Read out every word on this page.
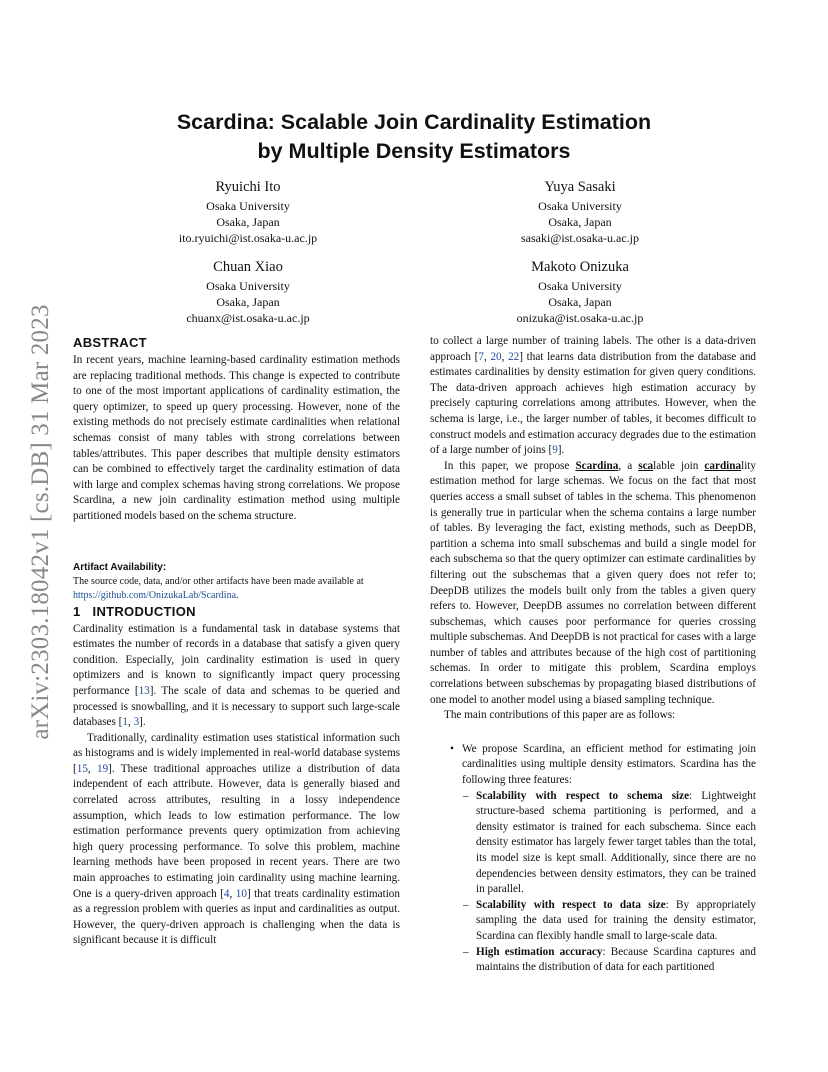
arXiv:2303.18042v1 [cs.DB] 31 Mar 2023
Scardina: Scalable Join Cardinality Estimation
by Multiple Density Estimators
Ryuichi Ito
Osaka University
Osaka, Japan
ito.ryuichi@ist.osaka-u.ac.jp
Yuya Sasaki
Osaka University
Osaka, Japan
sasaki@ist.osaka-u.ac.jp
Chuan Xiao
Osaka University
Osaka, Japan
chuanx@ist.osaka-u.ac.jp
Makoto Onizuka
Osaka University
Osaka, Japan
onizuka@ist.osaka-u.ac.jp
ABSTRACT

In recent years, machine learning-based cardinality estimation methods are replacing traditional methods. This change is expected to contribute to one of the most important applications of cardinality estimation, the query optimizer, to speed up query processing. However, none of the existing methods do not precisely estimate cardinalities when relational schemas consist of many tables with strong correlations between tables/attributes. This paper describes that multiple density estimators can be combined to effectively target the cardinality estimation of data with large and complex schemas having strong correlations. We propose Scardina, a new join cardinality estimation method using multiple partitioned models based on the schema structure.

Artifact Availability:
The source code, data, and/or other artifacts have been made available at
https://github.com/OnizukaLab/Scardina.
1 INTRODUCTION

Cardinality estimation is a fundamental task in database systems that estimates the number of records in a database that satisfy a given query condition. Especially, join cardinality estimation is used in query optimizers and is known to significantly impact query processing performance [13]. The scale of data and schemas to be queried and processed is snowballing, and it is necessary to support such large-scale databases [1, 3].

Traditionally, cardinality estimation uses statistical information such as histograms and is widely implemented in real-world database systems [15, 19]. These traditional approaches utilize a distribution of data independent of each attribute. However, data is generally biased and correlated across attributes, resulting in a lossy independence assumption, which leads to low estimation performance. The low estimation performance prevents query optimization from achieving high query processing performance. To solve this problem, machine learning methods have been proposed in recent years. There are two main approaches to estimating join cardinality using machine learning. One is a query-driven approach [4, 10] that treats cardinality estimation as a regression problem with queries as input and cardinalities as output. However, the query-driven approach is challenging when the data is significant because it is difficult

to collect a large number of training labels. The other is a data-driven approach [7, 20, 22] that learns data distribution from the database and estimates cardinalities by density estimation for given query conditions. The data-driven approach achieves high estimation accuracy by precisely capturing correlations among attributes. However, when the schema is large, i.e., the larger number of tables, it becomes difficult to construct models and estimation accuracy degrades due to the estimation of a large number of joins [9].

In this paper, we propose Scardina, a scalable join cardinality estimation method for large schemas. We focus on the fact that most queries access a small subset of tables in the schema. This phenomenon is generally true in particular when the schema contains a large number of tables. By leveraging the fact, existing methods, such as DeepDB, partition a schema into small subschemas and build a single model for each subschema so that the query optimizer can estimate cardinalities by filtering out the subschemas that a given query does not refer to; DeepDB utilizes the models built only from the tables a given query refers to. However, DeepDB assumes no correlation between different subschemas, which causes poor performance for queries crossing multiple subschemas. And DeepDB is not practical for cases with a large number of tables and attributes because of the high cost of partitioning schemas. In order to mitigate this problem, Scardina employs correlations between subschemas by propagating biased distributions of one model to another model using a biased sampling technique.

The main contributions of this paper are as follows:

• We propose Scardina, an efficient method for estimating join cardinalities using multiple density estimators. Scardina has the following three features:
– Scalability with respect to schema size: Lightweight structure-based schema partitioning is performed, and a density estimator is trained for each subschema. Since each density estimator has largely fewer target tables than the total, its model size is kept small. Additionally, since there are no dependencies between density estimators, they can be trained in parallel.
– Scalability with respect to data size: By appropriately sampling the data used for training the density estimator, Scardina can flexibly handle small to large-scale data.
– High estimation accuracy: Because Scardina captures and maintains the distribution of data for each partitioned
